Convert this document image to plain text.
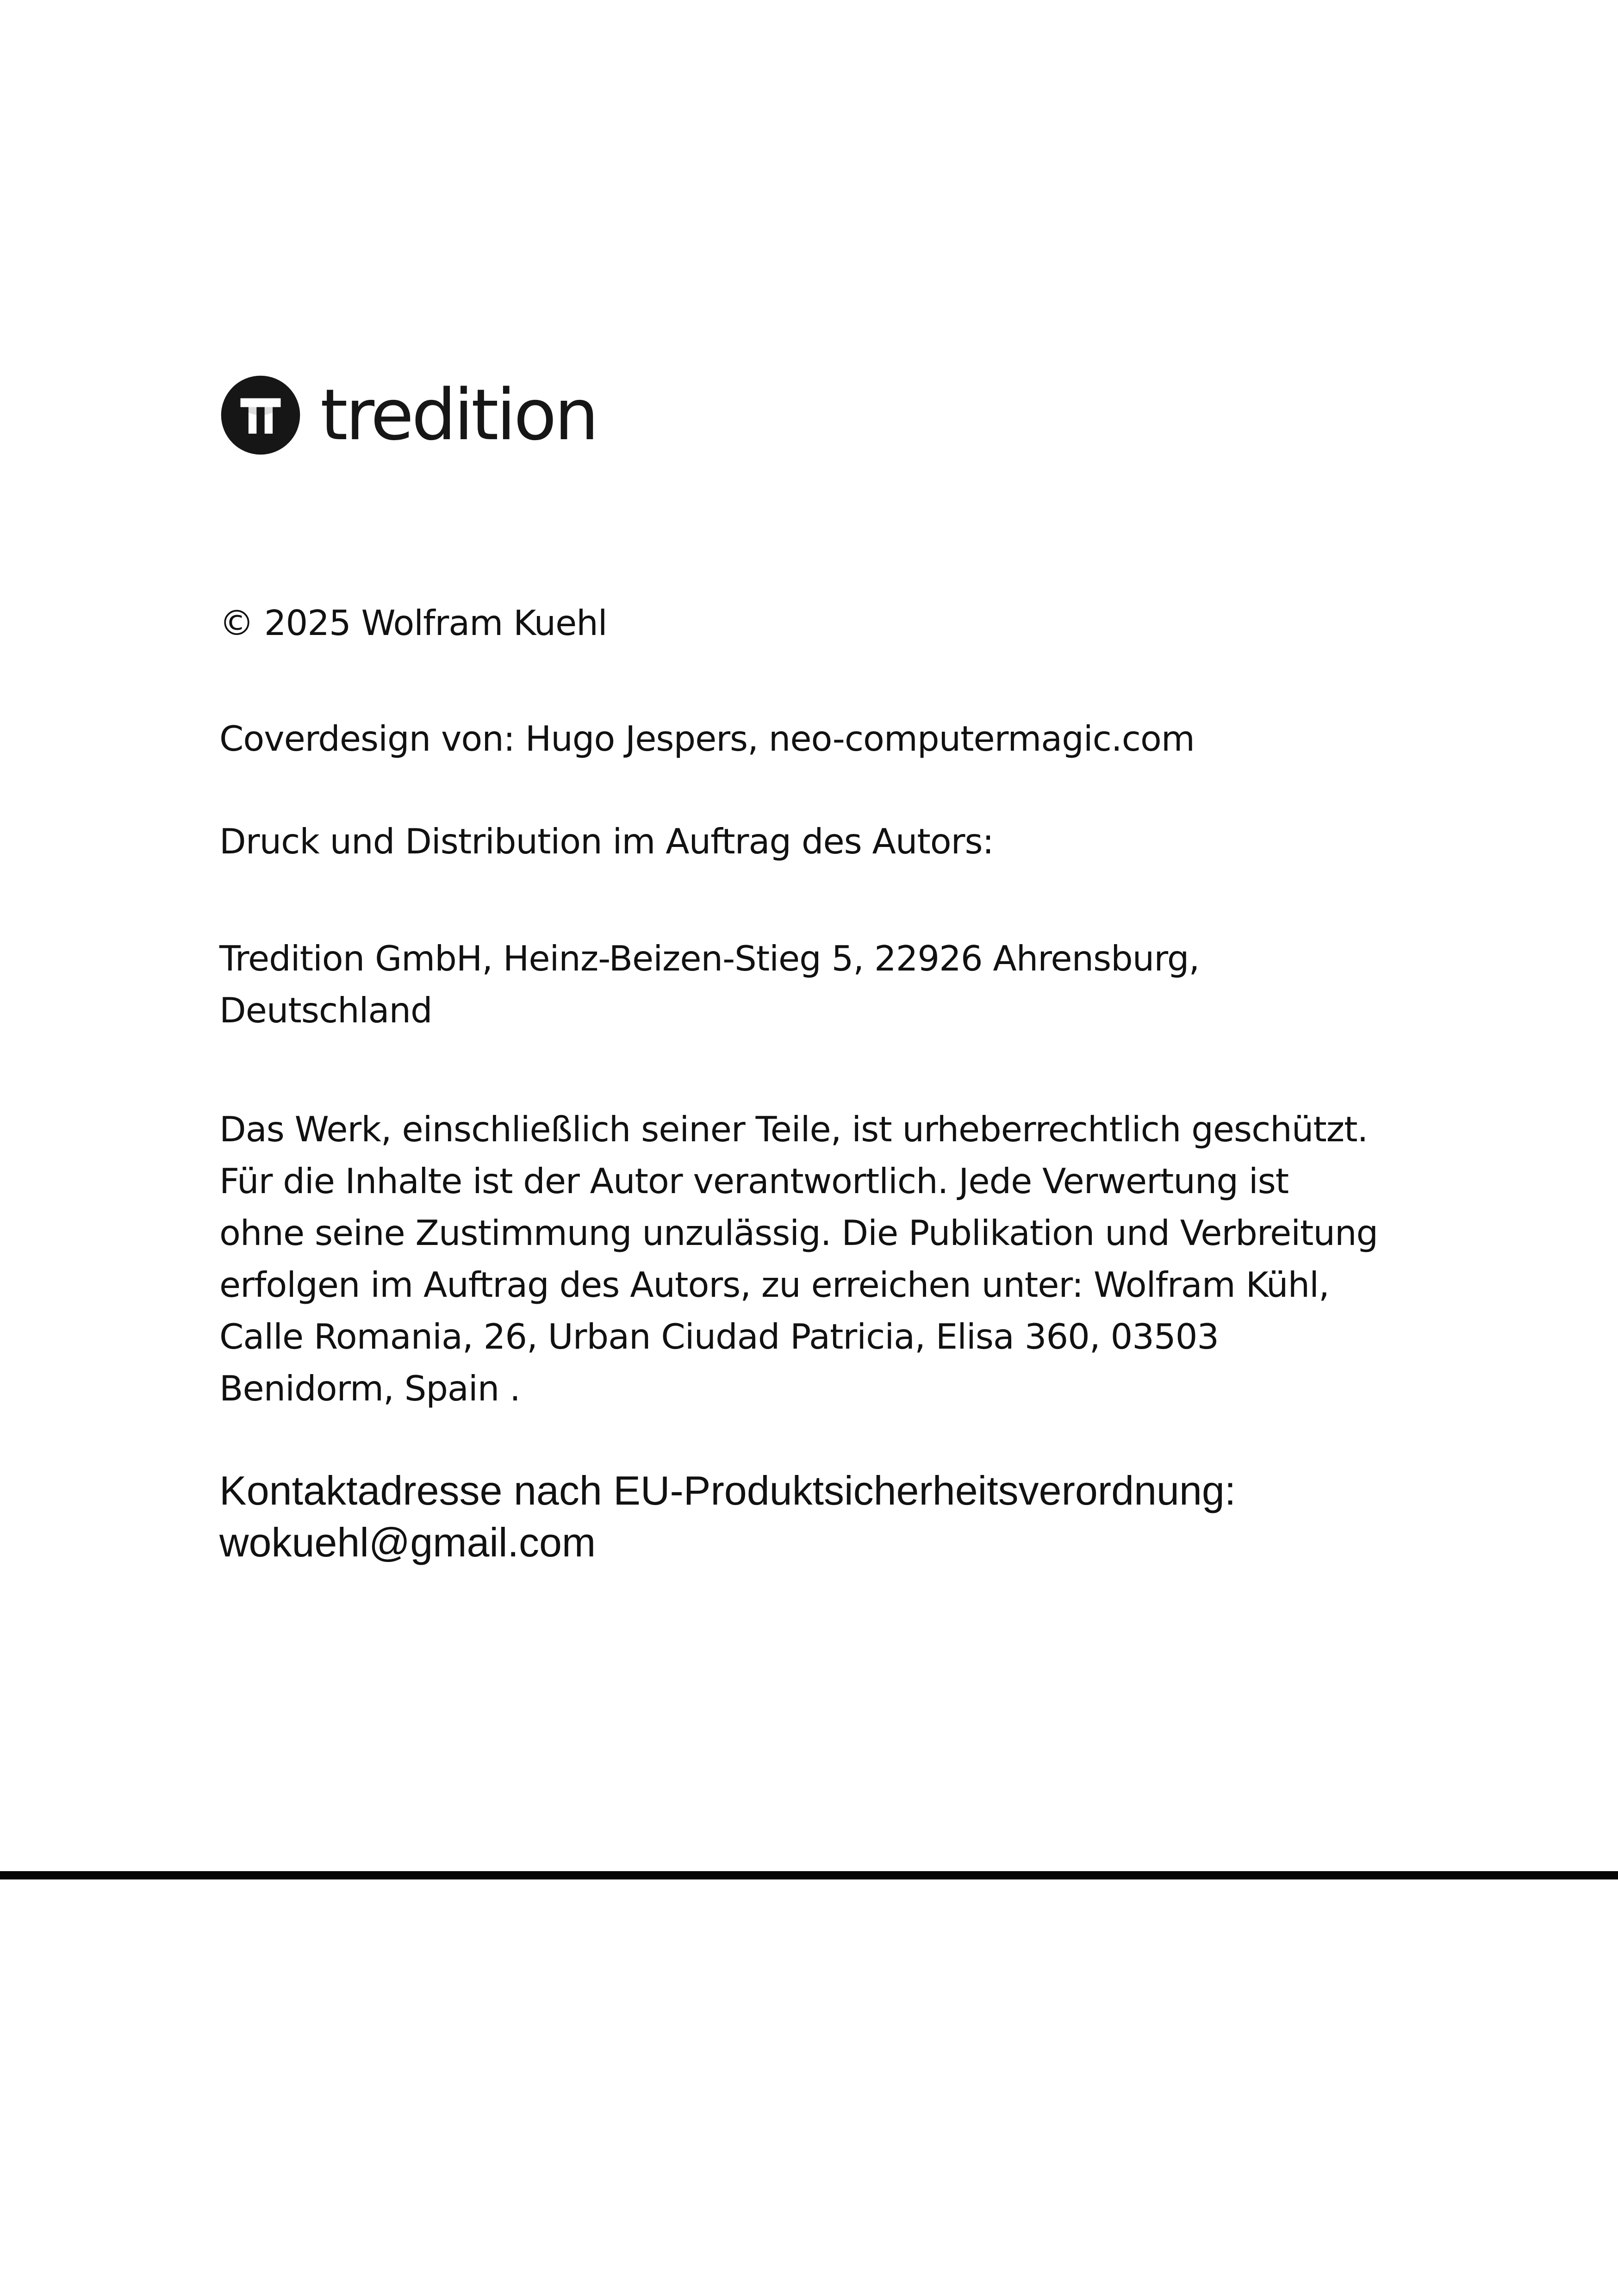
tredition

© 2025 Wolfram Kuehl

Coverdesign von: Hugo Jespers, neo-computermagic.com

Druck und Distribution im Auftrag des Autors:

Tredition GmbH, Heinz-Beizen-Stieg 5, 22926 Ahrensburg,
Deutschland
Das Werk, einschließlich seiner Teile, ist urheberrechtlich geschützt.
Für die Inhalte ist der Autor verantwortlich. Jede Verwertung ist
ohne seine Zustimmung unzulässig. Die Publikation und Verbreitung
erfolgen im Auftrag des Autors, zu erreichen unter: Wolfram Kühl,
Calle Romania, 26, Urban Ciudad Patricia, Elisa 360, 03503
Benidorm, Spain .
Kontaktadresse nach EU-Produktsicherheitsverordnung:
wokuehl@gmail.com
